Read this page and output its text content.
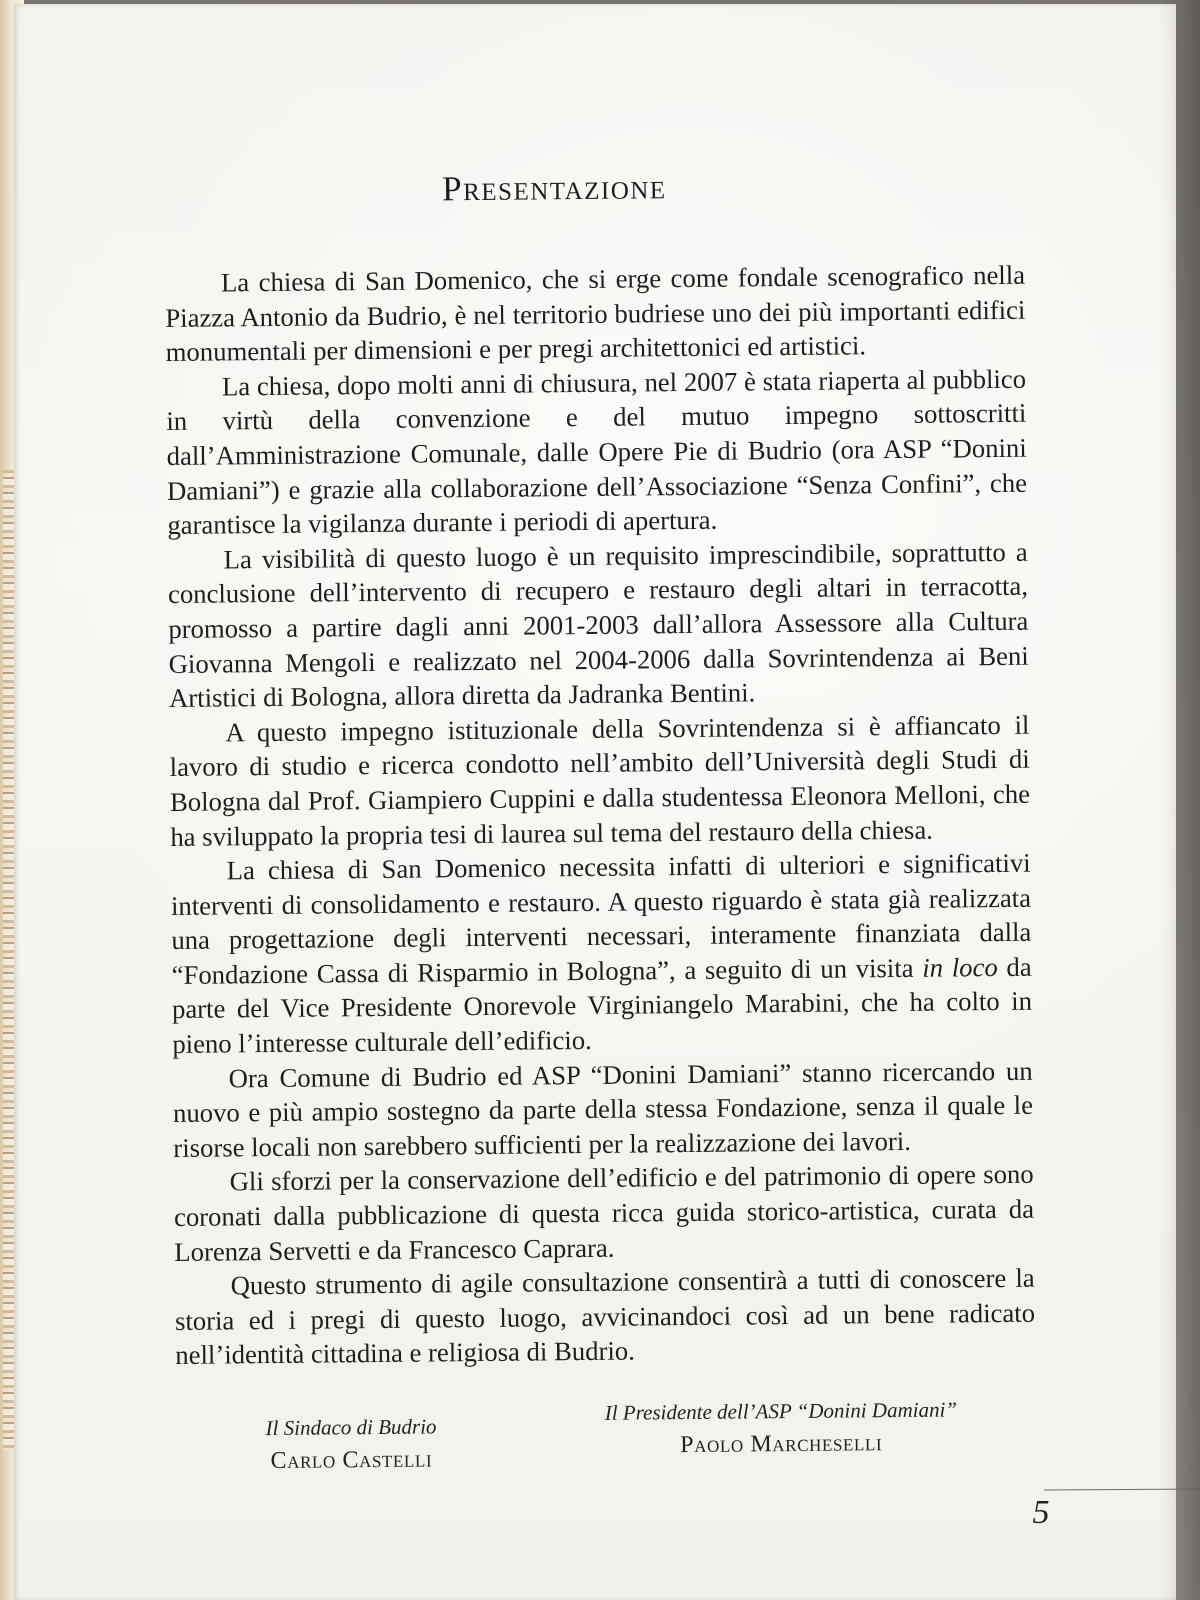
Presentazione

La chiesa di San Domenico, che si erge come fondale scenografico nella Piazza Antonio da Budrio, è nel territorio budriese uno dei più importanti edifici monumentali per dimensioni e per pregi architettonici ed artistici.

La chiesa, dopo molti anni di chiusura, nel 2007 è stata riaperta al pubblico in virtù della convenzione e del mutuo impegno sottoscritti dall’Amministrazione Comunale, dalle Opere Pie di Budrio (ora ASP “Donini Damiani”) e grazie alla collaborazione dell’Associazione “Senza Confini”, che garantisce la vigilanza durante i periodi di apertura.

La visibilità di questo luogo è un requisito imprescindibile, soprattutto a conclusione dell’intervento di recupero e restauro degli altari in terracotta, promosso a partire dagli anni 2001-2003 dall’allora Assessore alla Cultura Giovanna Mengoli e realizzato nel 2004-2006 dalla Sovrintendenza ai Beni Artistici di Bologna, allora diretta da Jadranka Bentini.

A questo impegno istituzionale della Sovrintendenza si è affiancato il lavoro di studio e ricerca condotto nell’ambito dell’Università degli Studi di Bologna dal Prof. Giampiero Cuppini e dalla studentessa Eleonora Melloni, che ha sviluppato la propria tesi di laurea sul tema del restauro della chiesa.

La chiesa di San Domenico necessita infatti di ulteriori e significativi interventi di consolidamento e restauro. A questo riguardo è stata già realizzata una progettazione degli interventi necessari, interamente finanziata dalla “Fondazione Cassa di Risparmio in Bologna”, a seguito di un visita in loco da parte del Vice Presidente Onorevole Virginiangelo Marabini, che ha colto in pieno l’interesse culturale dell’edificio.

Ora Comune di Budrio ed ASP “Donini Damiani” stanno ricercando un nuovo e più ampio sostegno da parte della stessa Fondazione, senza il quale le risorse locali non sarebbero sufficienti per la realizzazione dei lavori.

Gli sforzi per la conservazione dell’edificio e del patrimonio di opere sono coronati dalla pubblicazione di questa ricca guida storico-artistica, curata da Lorenza Servetti e da Francesco Caprara.

Questo strumento di agile consultazione consentirà a tutti di conoscere la storia ed i pregi di questo luogo, avvicinandoci così ad un bene radicato nell’identità cittadina e religiosa di Budrio.

Il Sindaco di Budrio
Carlo Castelli
Il Presidente dell’ASP “Donini Damiani”
Paolo Marcheselli
5
